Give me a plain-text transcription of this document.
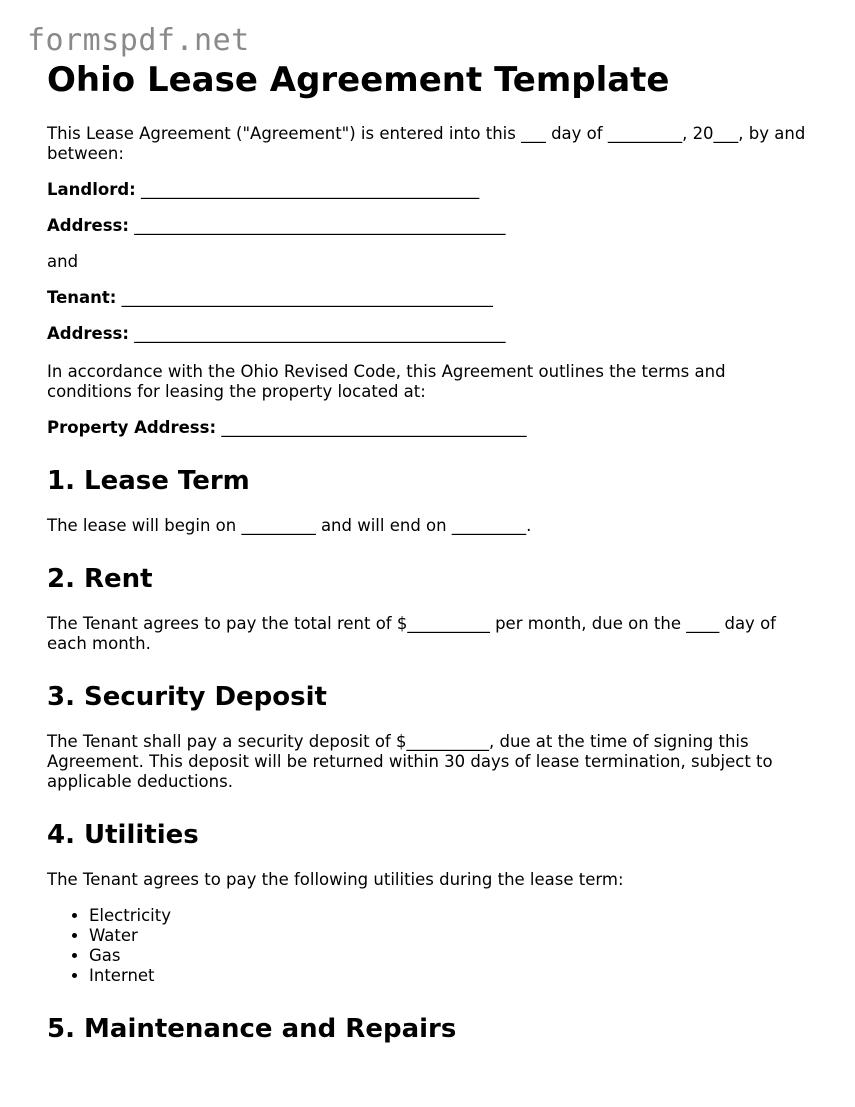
formspdf.net
Ohio Lease Agreement Template

This Lease Agreement ("Agreement") is entered into this ___ day of _________, 20___, by and between:

Landlord: _________________________________________

Address: _____________________________________________

and

Tenant: _____________________________________________

Address: _____________________________________________

In accordance with the Ohio Revised Code, this Agreement outlines the terms and conditions for leasing the property located at:

Property Address: _____________________________________

1. Lease Term

The lease will begin on _________ and will end on _________.

2. Rent

The Tenant agrees to pay the total rent of $__________ per month, due on the ____ day of each month.

3. Security Deposit

The Tenant shall pay a security deposit of $__________, due at the time of signing this Agreement. This deposit will be returned within 30 days of lease termination, subject to applicable deductions.

4. Utilities

The Tenant agrees to pay the following utilities during the lease term:

• Electricity
• Water
• Gas
• Internet
5. Maintenance and Repairs
